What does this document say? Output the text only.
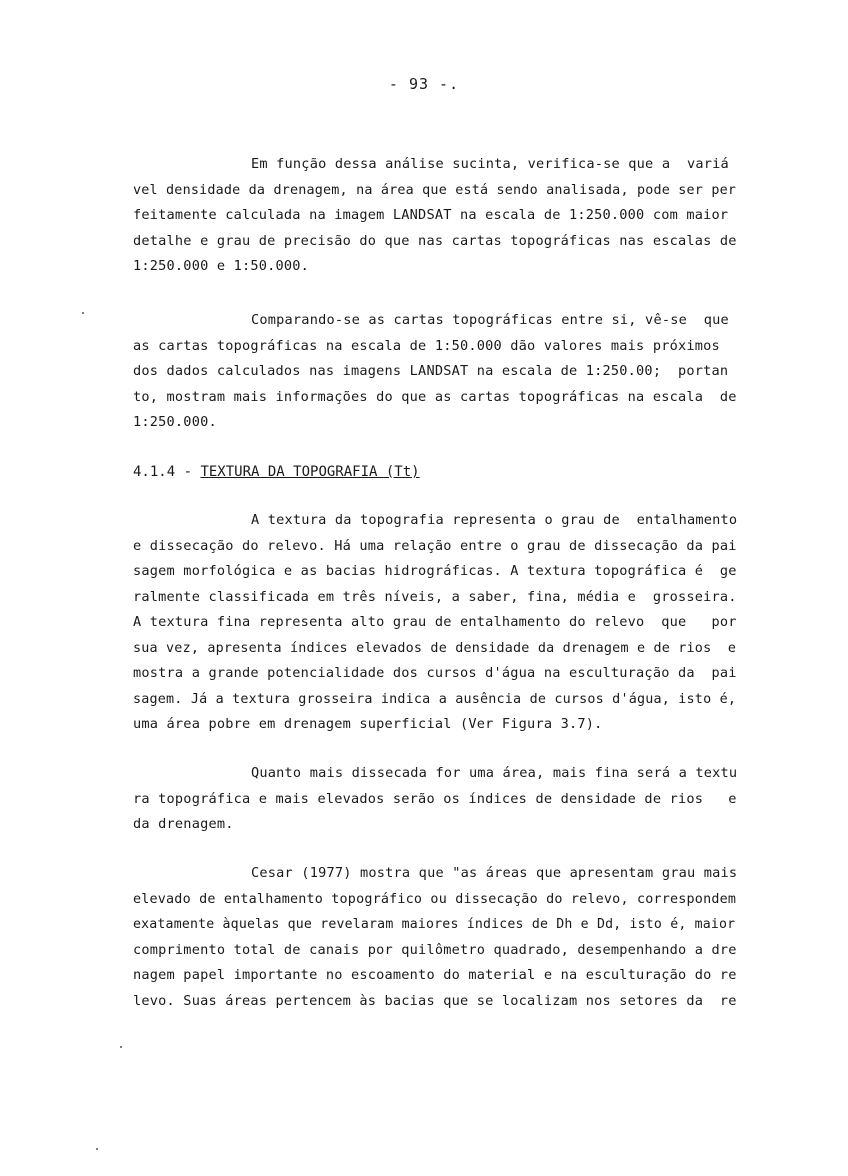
- 93 -.
Em função dessa análise sucinta, verifica-se que a  variá
vel densidade da drenagem, na área que está sendo analisada, pode ser per
feitamente calculada na imagem LANDSAT na escala de 1:250.000 com maior
detalhe e grau de precisão do que nas cartas topográficas nas escalas de
1:250.000 e 1:50.000.
Comparando-se as cartas topográficas entre si, vê-se  que
as cartas topográficas na escala de 1:50.000 dão valores mais próximos
dos dados calculados nas imagens LANDSAT na escala de 1:250.00;  portan
to, mostram mais informações do que as cartas topográficas na escala  de
1:250.000.
4.1.4 - TEXTURA DA TOPOGRAFIA (Tt)
A textura da topografia representa o grau de  entalhamento
e dissecação do relevo. Há uma relação entre o grau de dissecação da pai
sagem morfológica e as bacias hidrográficas. A textura topográfica é  ge
ralmente classificada em três níveis, a saber, fina, média e  grosseira.
A textura fina representa alto grau de entalhamento do relevo  que   por
sua vez, apresenta índices elevados de densidade da drenagem e de rios  e
mostra a grande potencialidade dos cursos d'água na esculturação da  pai
sagem. Já a textura grosseira indica a ausência de cursos d'água, isto é,
uma área pobre em drenagem superficial (Ver Figura 3.7).
Quanto mais dissecada for uma área, mais fina será a textu
ra topográfica e mais elevados serão os índices de densidade de rios   e
da drenagem.
Cesar (1977) mostra que "as áreas que apresentam grau mais
elevado de entalhamento topográfico ou dissecação do relevo, correspondem
exatamente àquelas que revelaram maiores índices de Dh e Dd, isto é, maior
comprimento total de canais por quilômetro quadrado, desempenhando a dre
nagem papel importante no escoamento do material e na esculturação do re
levo. Suas áreas pertencem às bacias que se localizam nos setores da  re
